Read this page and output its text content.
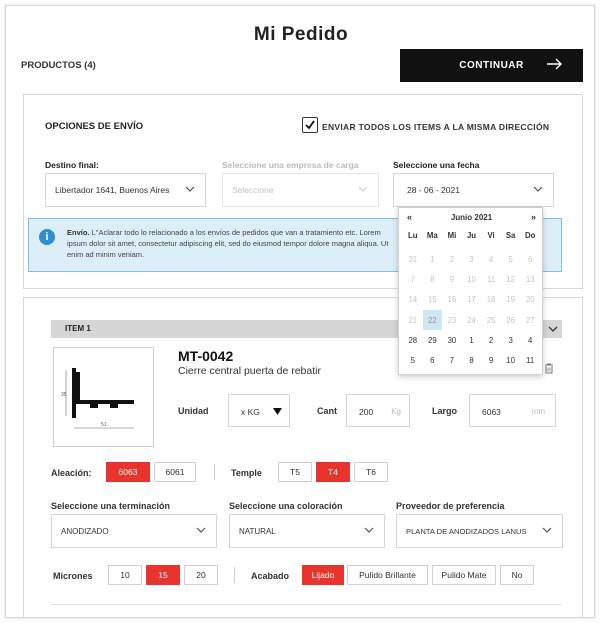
Mi Pedido
PRODUCTOS (4)	CONTINUAR
OPCIONES DE ENVÍO	ENVIAR TODOS LOS ITEMS A LA MISMA DIRECCIÓN
Destino final:
Libertador 1641, Buenos Aires
Seleccione una empresa de carga
Seleccione
Seleccione una fecha
28 - 06 - 2021
i	Envío. L"Aclarar todo lo relacionado a los envíos de pedidos que van a tratamiento etc. Lorem ipsum dolor sit amet, consectetur adipiscing elit, sed do eiusmod tempor dolore magna aliqua. Ut enim ad minim veniam.
ITEM 1
35
51
MT-0042
Cierre central puerta de rebatir
Unidad	x KG	Cant	200 Kg	Largo	6063	mm
Aleación:	6063	6061	Temple	T5	T4	T6
Seleccione una terminación
ANODIZADO
Seleccione una coloración
NATURAL
Proveedor de preferencia
PLANTA DE ANODIZADOS LANUS
Micrones	10	15	20	Acabado	Lijado	Pulido Brillante	Pulido Mate	No
«	Junio 2021	»
Lu	Ma	Mi	Ju	Vi	Sa	Do
31	1	2	3	4	5	6
7	8	9	10	11	12	13
14	15	16	17	18	19	20
21	22	23	24	25	26	27
28	29	30	1	2	3	4
5	6	7	8	9	10	11
